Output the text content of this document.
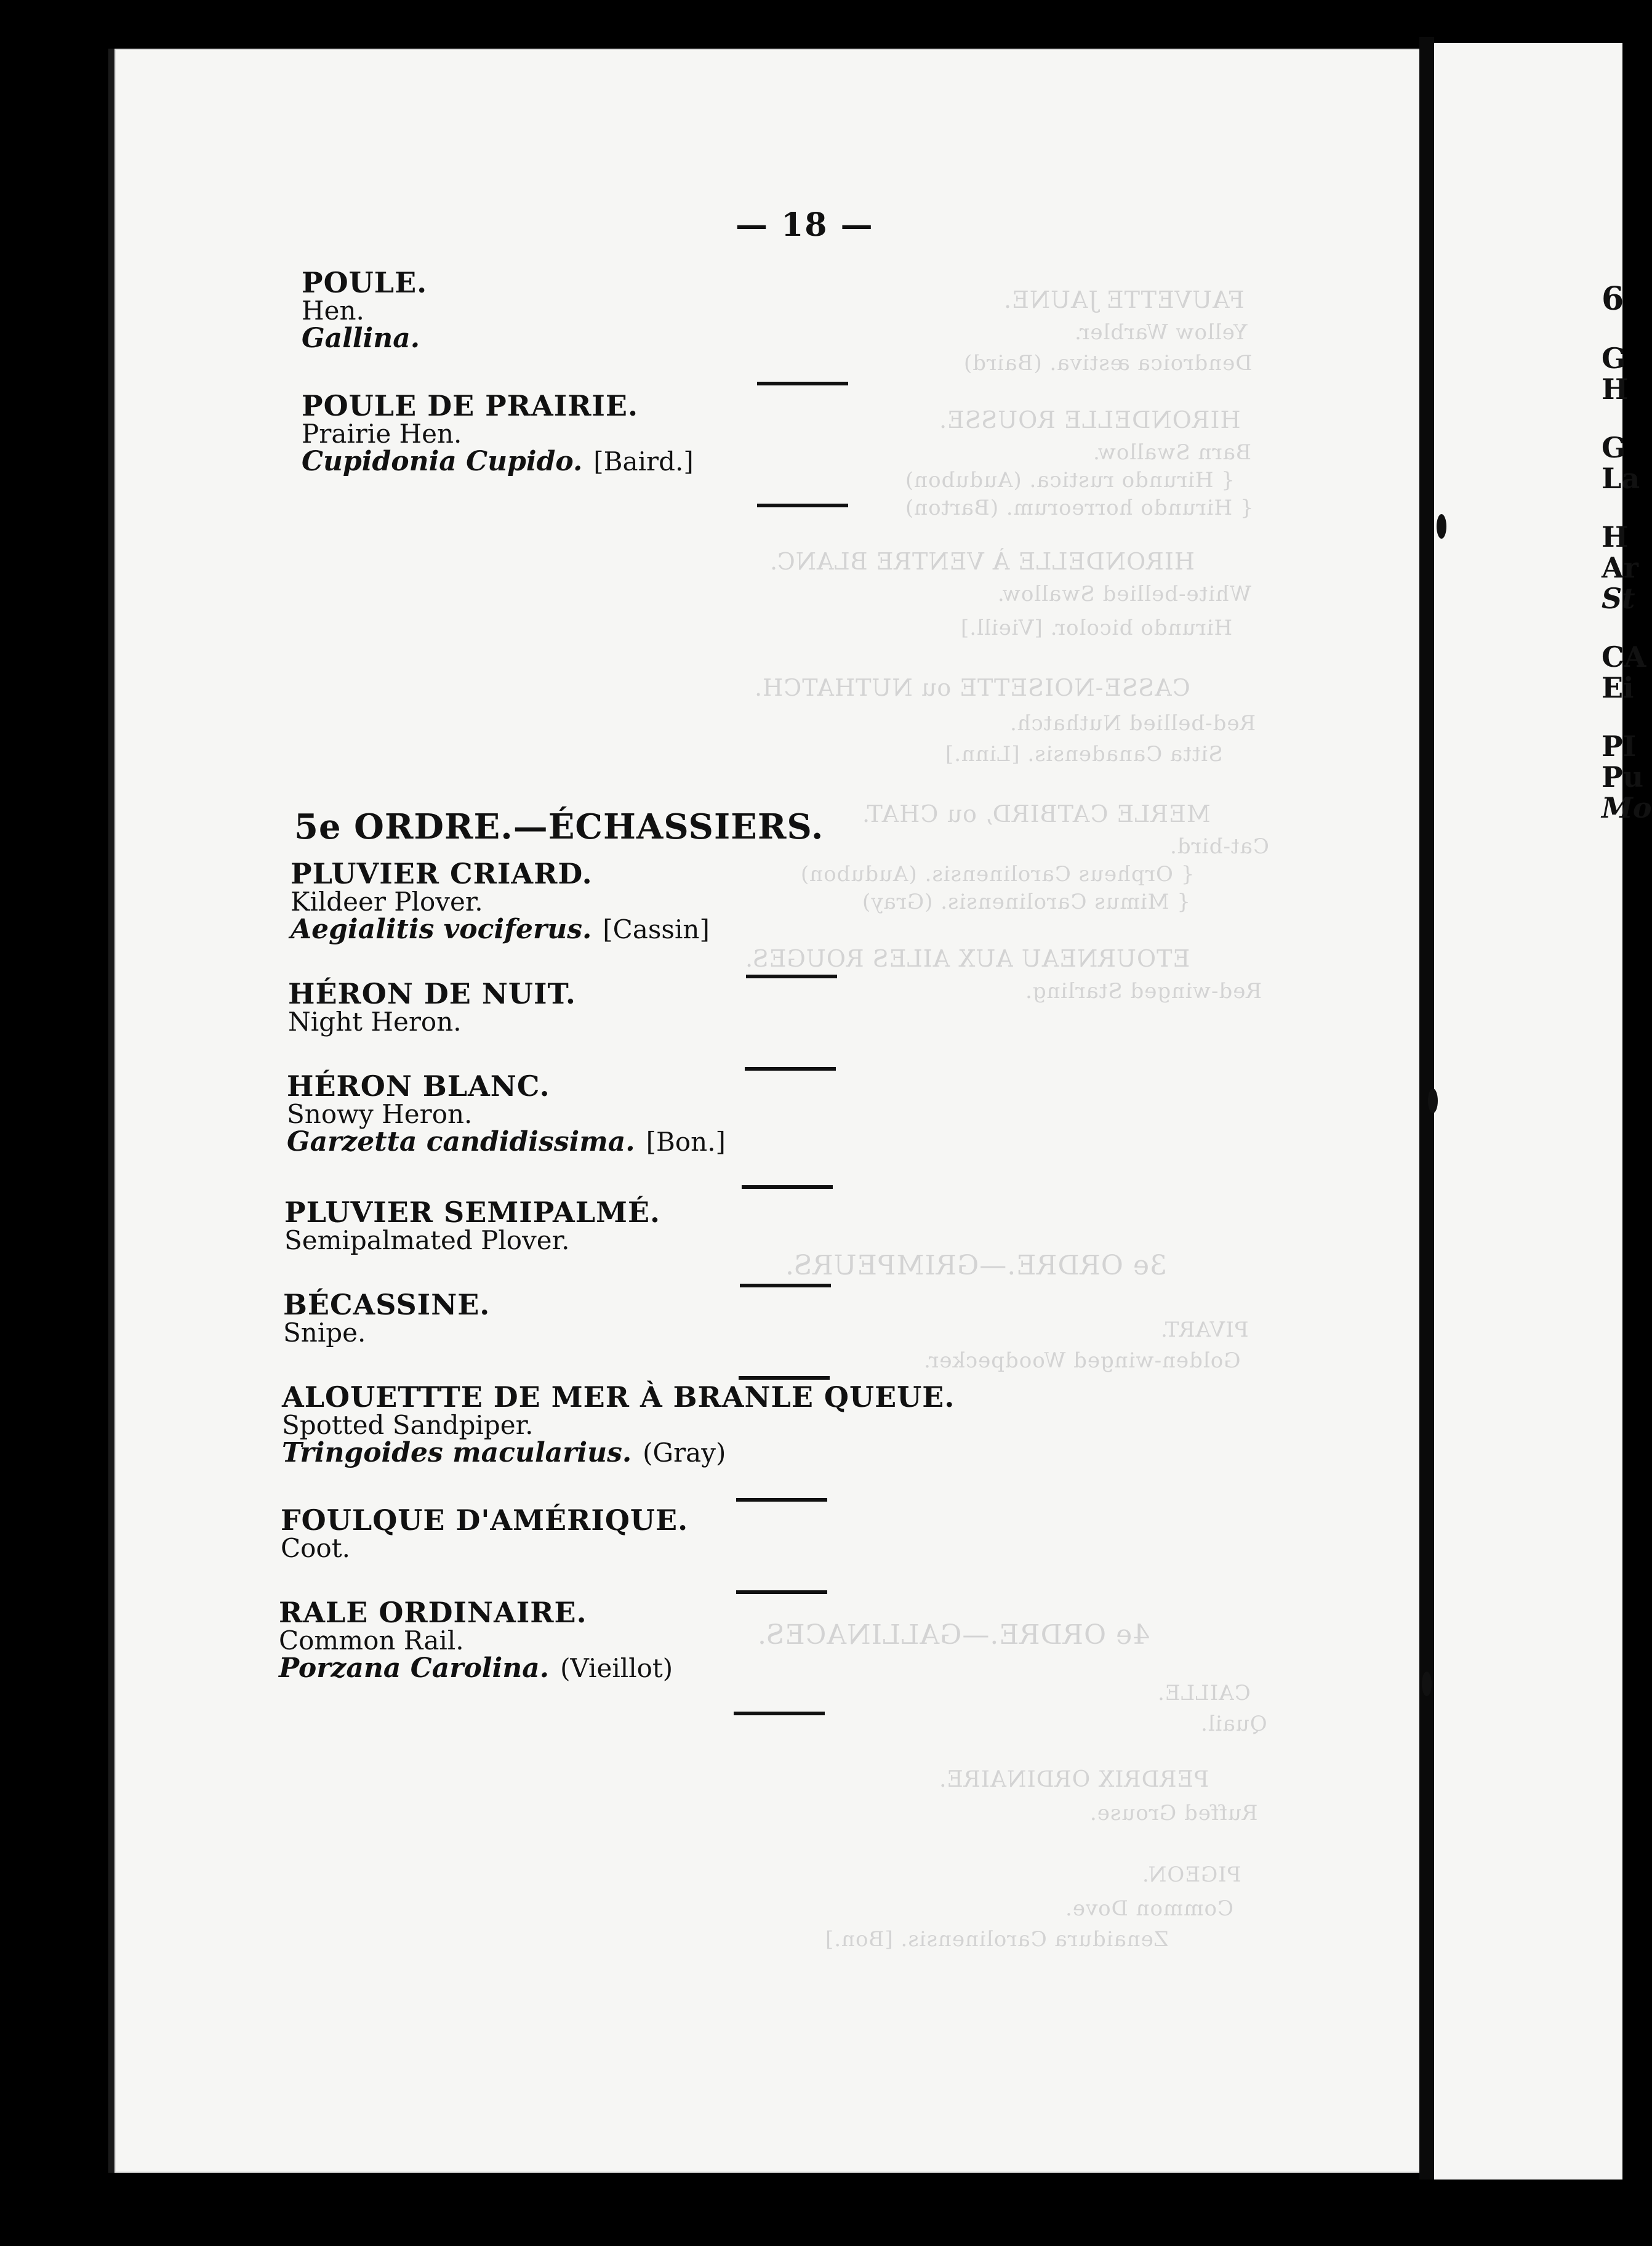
FAUVETTE JAUNE.
Yellow Warbler.
Dendroica æstiva. (Baird)
HIRONDELLE ROUSSE.
Barn Swallow.
{ Hirundo rustica. (Audubon)
{ Hirundo horreorum. (Barton)
HIRONDELLE À VENTRE BLANC.
White-bellied Swallow.
Hirundo bicolor. [Vieill.]
CASSE-NOISETTE ou NUTHATCH.
Red-bellied Nuthatch.
Sitta Canadensis. [Linn.]
MERLE CATBIRD, ou CHAT.
Cat-bird.
{ Orpheus Carolinensis. (Audubon)
{ Mimus Carolinensis. (Gray)
ETOURNEAU AUX AILES ROUGES.
Red-winged Starling.
3e ORDRE.—GRIMPEURS.
PIVART.
Golden-winged Woodpecker.
4e ORDRE.—GALLINACES.
CAILLE.
Quail.
PERDRIX ORDINAIRE.
Ruffed Grouse.
PIGEON.
Common Dove.
Zenaidura Carolinensis. [Bon.]
— 18 —
POULE.
Hen.
Gallina.
POULE DE PRAIRIE.
Prairie Hen.
Cupidonia Cupido. [Baird.]
5e ORDRE.—ÉCHASSIERS.
PLUVIER CRIARD.
Kildeer Plover.
Aegialitis vociferus. [Cassin]
HÉRON DE NUIT.
Night Heron.
HÉRON BLANC.
Snowy Heron.
Garzetta candidissima. [Bon.]
PLUVIER SEMIPALMÉ.
Semipalmated Plover.
BÉCASSINE.
Snipe.
ALOUETTTE DE MER À BRANLE QUEUE.
Spotted Sandpiper.
Tringoides macularius. (Gray)
FOULQUE D'AMÉRIQUE.
Coot.
RALE ORDINAIRE.
Common Rail.
Porzana Carolina. (Vieillot)
6
G
H
G
La
H
Ar
St
CA
Ei
PI
Pu
Mo
